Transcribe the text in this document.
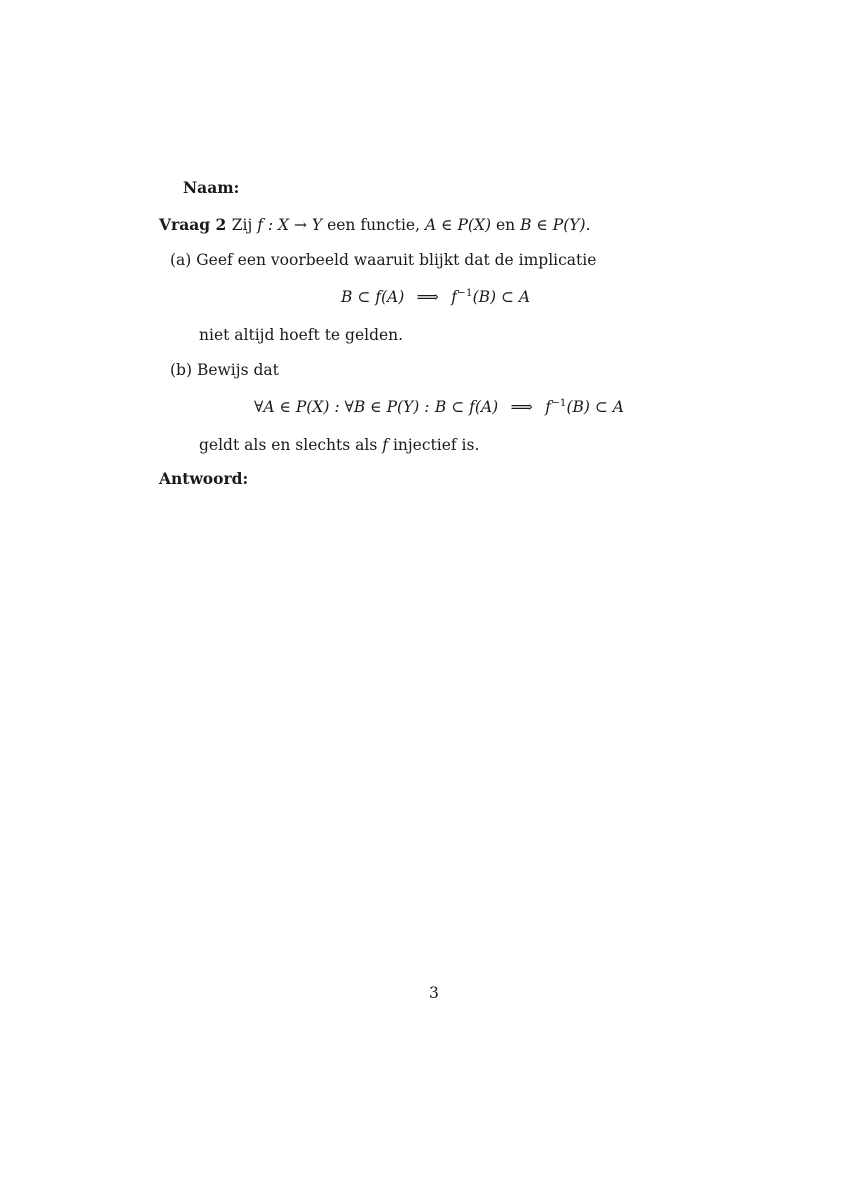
Naam:
Vraag 2 Zij f : X → Y een functie, A ∈ P(X) en B ∈ P(Y).
(a) Geef een voorbeeld waaruit blijkt dat de implicatie
B ⊂ f(A) ⟹ $f^{-1}(B)$ ⊂ A
niet altijd hoeft te gelden.
(b) Bewijs dat
∀A ∈ P(X) : ∀B ∈ P(Y) : B ⊂ f(A) ⟹ $f^{-1}(B)$ ⊂ A
geldt als en slechts als f injectief is.
Antwoord:
3
